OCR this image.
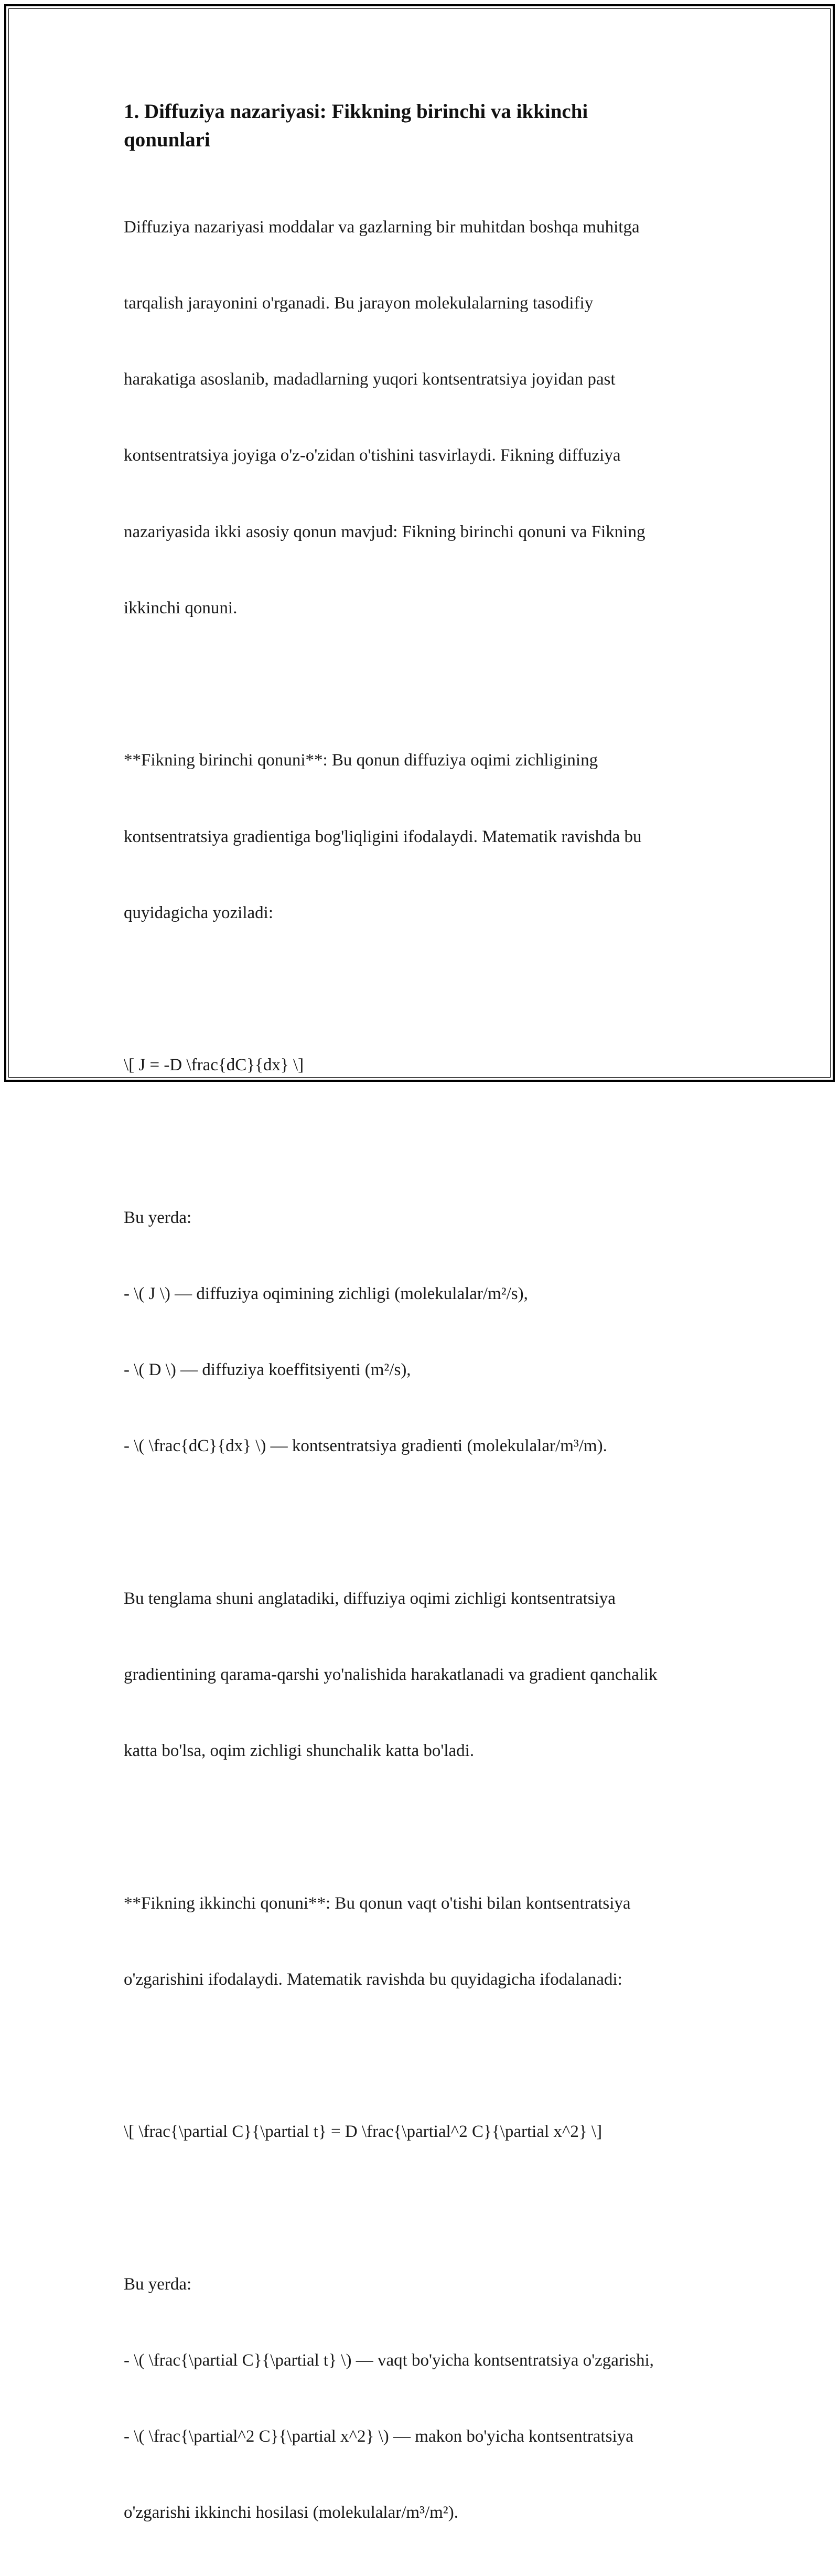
1. Diffuziya nazariyasi: Fikkning birinchi va ikkinchi
qonunlari

Diffuziya nazariyasi moddalar va gazlarning bir muhitdan boshqa muhitga

tarqalish jarayonini o'rganadi. Bu jarayon molekulalarning tasodifiy

harakatiga asoslanib, madadlarning yuqori kontsentratsiya joyidan past

kontsentratsiya joyiga o'z-o'zidan o'tishini tasvirlaydi. Fikning diffuziya

nazariyasida ikki asosiy qonun mavjud: Fikning birinchi qonuni va Fikning

ikkinchi qonuni.

**Fikning birinchi qonuni**: Bu qonun diffuziya oqimi zichligining

kontsentratsiya gradientiga bog'liqligini ifodalaydi. Matematik ravishda bu

quyidagicha yoziladi:

\[ J = -D \frac{dC}{dx} \]

Bu yerda:

- \( J \) — diffuziya oqimining zichligi (molekulalar/m²/s),

- \( D \) — diffuziya koeffitsiyenti (m²/s),

- \( \frac{dC}{dx} \) — kontsentratsiya gradienti (molekulalar/m³/m).

Bu tenglama shuni anglatadiki, diffuziya oqimi zichligi kontsentratsiya

gradientining qarama-qarshi yo'nalishida harakatlanadi va gradient qanchalik

katta bo'lsa, oqim zichligi shunchalik katta bo'ladi.

**Fikning ikkinchi qonuni**: Bu qonun vaqt o'tishi bilan kontsentratsiya

o'zgarishini ifodalaydi. Matematik ravishda bu quyidagicha ifodalanadi:

\[ \frac{\partial C}{\partial t} = D \frac{\partial^2 C}{\partial x^2} \]

Bu yerda:

- \( \frac{\partial C}{\partial t} \) — vaqt bo'yicha kontsentratsiya o'zgarishi,

- \( \frac{\partial^2 C}{\partial x^2} \) — makon bo'yicha kontsentratsiya

o'zgarishi ikkinchi hosilasi (molekulalar/m³/m²).
